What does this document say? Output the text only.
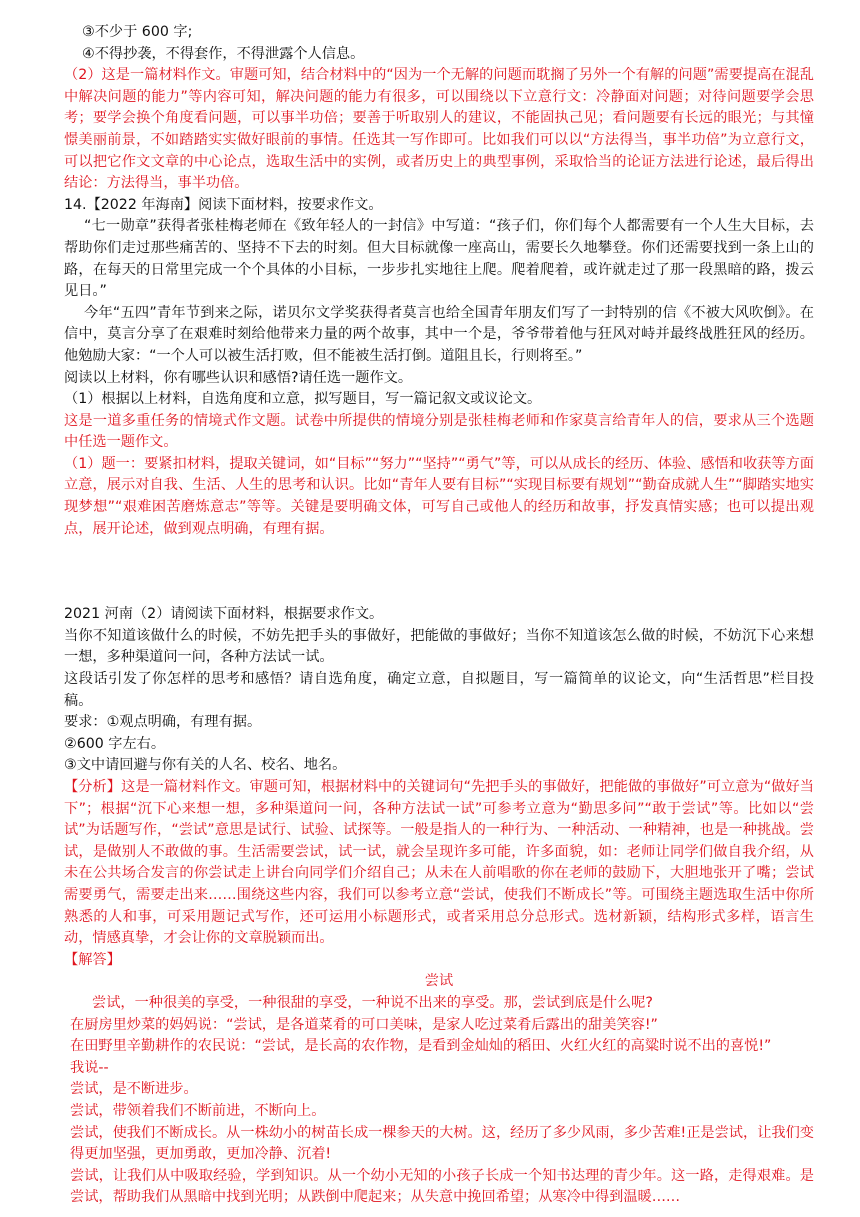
③不少于 600 字;

④不得抄袭，不得套作，不得泄露个人信息。

（2）这是一篇材料作文。审题可知，结合材料中的“因为一个无解的问题而耽搁了另外一个有解的问题”需要提高在混乱中解决问题的能力”等内容可知，解决问题的能力有很多，可以围绕以下立意行文：冷静面对问题；对待问题要学会思考；要学会换个角度看问题，可以事半功倍；要善于听取别人的建议，不能固执己见；看问题要有长远的眼光；与其憧憬美丽前景，不如踏踏实实做好眼前的事情。任选其一写作即可。比如我们可以以“方法得当，事半功倍”为立意行文，可以把它作文文章的中心论点，选取生活中的实例，或者历史上的典型事例，采取恰当的论证方法进行论述，最后得出结论：方法得当，事半功倍。

14.【2022 年海南】阅读下面材料，按要求作文。

“七一勋章”获得者张桂梅老师在《致年轻人的一封信》中写道：“孩子们，你们每个人都需要有一个人生大目标，去帮助你们走过那些痛苦的、坚持不下去的时刻。但大目标就像一座高山，需要长久地攀登。你们还需要找到一条上山的路，在每天的日常里完成一个个具体的小目标，一步步扎实地往上爬。爬着爬着，或许就走过了那一段黑暗的路，拨云见日。”

今年“五四”青年节到来之际，诺贝尔文学奖获得者莫言也给全国青年朋友们写了一封特别的信《不被大风吹倒》。在信中，莫言分享了在艰难时刻给他带来力量的两个故事，其中一个是，爷爷带着他与狂风对峙并最终战胜狂风的经历。他勉励大家：“一个人可以被生活打败，但不能被生活打倒。道阻且长，行则将至。”

阅读以上材料，你有哪些认识和感悟?请任选一题作文。

（1）根据以上材料，自选角度和立意，拟写题目，写一篇记叙文或议论文。

这是一道多重任务的情境式作文题。试卷中所提供的情境分别是张桂梅老师和作家莫言给青年人的信，要求从三个选题中任选一题作文。

（1）题一：要紧扣材料，提取关键词，如“目标”“努力”“坚持”“勇气”等，可以从成长的经历、体验、感悟和收获等方面立意，展示对自我、生活、人生的思考和认识。比如“青年人要有目标”“实现目标要有规划”“勤奋成就人生”“脚踏实地实现梦想”“艰难困苦磨炼意志”等等。关键是要明确文体，可写自己或他人的经历和故事，抒发真情实感；也可以提出观点，展开论述，做到观点明确，有理有据。

2021 河南（2）请阅读下面材料，根据要求作文。

当你不知道该做什么的时候，不妨先把手头的事做好，把能做的事做好；当你不知道该怎么做的时候，不妨沉下心来想一想，多种渠道问一问，各种方法试一试。

这段话引发了你怎样的思考和感悟？请自选角度，确定立意，自拟题目，写一篇简单的议论文，向“生活哲思”栏目投稿。

要求：①观点明确，有理有据。

②600 字左右。

③文中请回避与你有关的人名、校名、地名。

【分析】这是一篇材料作文。审题可知，根据材料中的关键词句“先把手头的事做好，把能做的事做好”可立意为“做好当下”；根据“沉下心来想一想，多种渠道问一问，各种方法试一试”可参考立意为“勤思多问”“敢于尝试”等。比如以“尝试”为话题写作，“尝试”意思是试行、试验、试探等。一般是指人的一种行为、一种活动、一种精神，也是一种挑战。尝试，是做别人不敢做的事。生活需要尝试，试一试，就会呈现许多可能，许多面貌，如：老师让同学们做自我介绍，从未在公共场合发言的你尝试走上讲台向同学们介绍自己；从未在人前唱歌的你在老师的鼓励下，大胆地张开了嘴；尝试需要勇气，需要走出来……围绕这些内容，我们可以参考立意“尝试，使我们不断成长”等。可围绕主题选取生活中你所熟悉的人和事，可采用题记式写作，还可运用小标题形式，或者采用总分总形式。选材新颖，结构形式多样，语言生动，情感真挚，才会让你的文章脱颖而出。

【解答】

尝试

尝试，一种很美的享受，一种很甜的享受，一种说不出来的享受。那，尝试到底是什么呢?

在厨房里炒菜的妈妈说：“尝试，是各道菜肴的可口美味，是家人吃过菜肴后露出的甜美笑容!”

在田野里辛勤耕作的农民说：“尝试，是长高的农作物，是看到金灿灿的稻田、火红火红的高粱时说不出的喜悦!”

我说--

尝试，是不断进步。

尝试，带领着我们不断前进，不断向上。

尝试，使我们不断成长。从一株幼小的树苗长成一棵参天的大树。这，经历了多少风雨，多少苦难!正是尝试，让我们变得更加坚强，更加勇敢，更加冷静、沉着!

尝试，让我们从中吸取经验，学到知识。从一个幼小无知的小孩子长成一个知书达理的青少年。这一路，走得艰难。是尝试，帮助我们从黑暗中找到光明；从跌倒中爬起来；从失意中挽回希望；从寒冷中得到温暖……
